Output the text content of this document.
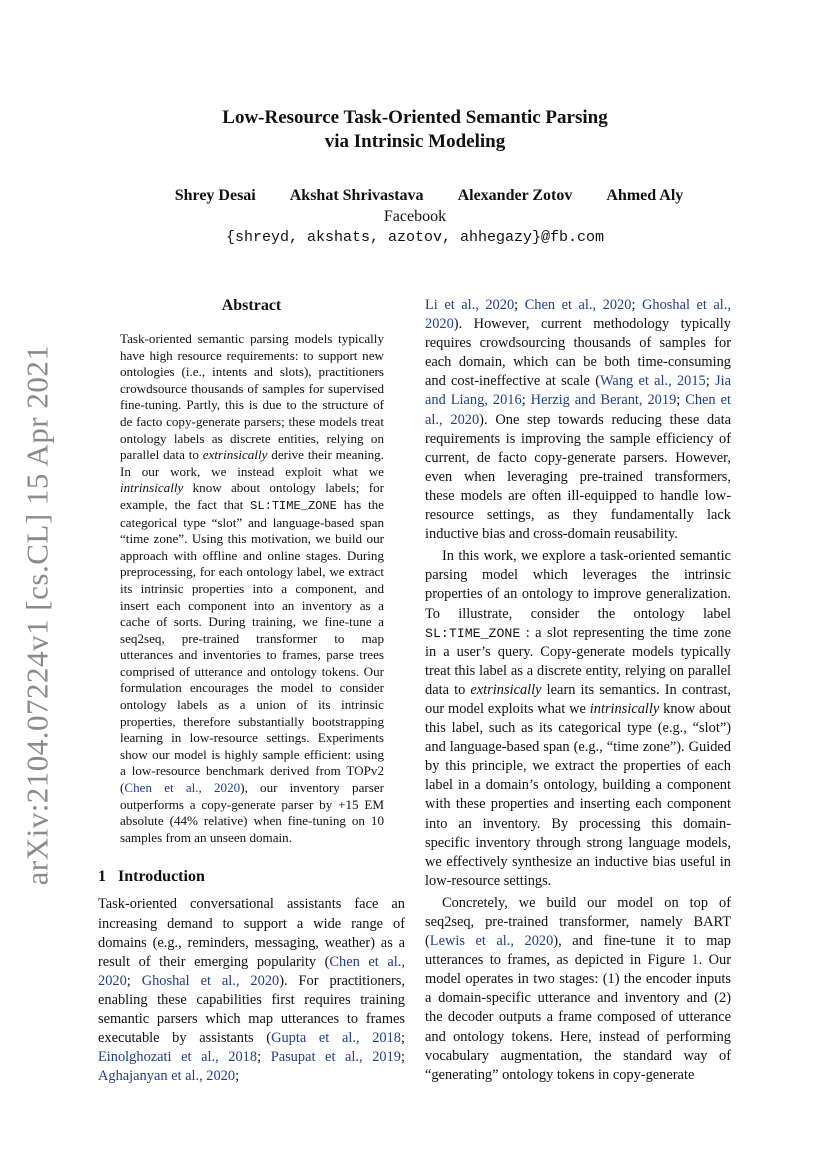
arXiv:2104.07224v1 [cs.CL] 15 Apr 2021

Low-Resource Task-Oriented Semantic Parsing
via Intrinsic Modeling

Shrey Desai Akshat Shrivastava Alexander Zotov Ahmed Aly
Facebook
{shreyd, akshats, azotov, ahhegazy}@fb.com

Abstract

Task-oriented semantic parsing models typically have high resource requirements: to support new ontologies (i.e., intents and slots), practitioners crowdsource thousands of samples for supervised fine-tuning. Partly, this is due to the structure of de facto copy-generate parsers; these models treat ontology labels as discrete entities, relying on parallel data to extrinsically derive their meaning. In our work, we instead exploit what we intrinsically know about ontology labels; for example, the fact that SL:TIME_ZONE has the categorical type “slot” and language-based span “time zone”. Using this motivation, we build our approach with offline and online stages. During preprocessing, for each ontology label, we extract its intrinsic properties into a component, and insert each component into an inventory as a cache of sorts. During training, we fine-tune a seq2seq, pre-trained transformer to map utterances and inventories to frames, parse trees comprised of utterance and ontology tokens. Our formulation encourages the model to consider ontology labels as a union of its intrinsic properties, therefore substantially bootstrapping learning in low-resource settings. Experiments show our model is highly sample efficient: using a low-resource benchmark derived from TOPv2 (Chen et al., 2020), our inventory parser outperforms a copy-generate parser by +15 EM absolute (44% relative) when fine-tuning on 10 samples from an unseen domain.

1 Introduction

Task-oriented conversational assistants face an increasing demand to support a wide range of domains (e.g., reminders, messaging, weather) as a result of their emerging popularity (Chen et al., 2020; Ghoshal et al., 2020). For practitioners, enabling these capabilities first requires training semantic parsers which map utterances to frames executable by assistants (Gupta et al., 2018; Einolghozati et al., 2018; Pasupat et al., 2019; Aghajanyan et al., 2020;

Li et al., 2020; Chen et al., 2020; Ghoshal et al., 2020). However, current methodology typically requires crowdsourcing thousands of samples for each domain, which can be both time-consuming and cost-ineffective at scale (Wang et al., 2015; Jia and Liang, 2016; Herzig and Berant, 2019; Chen et al., 2020). One step towards reducing these data requirements is improving the sample efficiency of current, de facto copy-generate parsers. However, even when leveraging pre-trained transformers, these models are often ill-equipped to handle low-resource settings, as they fundamentally lack inductive bias and cross-domain reusability.

In this work, we explore a task-oriented semantic parsing model which leverages the intrinsic properties of an ontology to improve generalization. To illustrate, consider the ontology label SL:TIME_ZONE : a slot representing the time zone in a user’s query. Copy-generate models typically treat this label as a discrete entity, relying on parallel data to extrinsically learn its semantics. In contrast, our model exploits what we intrinsically know about this label, such as its categorical type (e.g., “slot”) and language-based span (e.g., “time zone”). Guided by this principle, we extract the properties of each label in a domain’s ontology, building a component with these properties and inserting each component into an inventory. By processing this domain-specific inventory through strong language models, we effectively synthesize an inductive bias useful in low-resource settings.

Concretely, we build our model on top of seq2seq, pre-trained transformer, namely BART (Lewis et al., 2020), and fine-tune it to map utterances to frames, as depicted in Figure 1. Our model operates in two stages: (1) the encoder inputs a domain-specific utterance and inventory and (2) the decoder outputs a frame composed of utterance and ontology tokens. Here, instead of performing vocabulary augmentation, the standard way of “generating” ontology tokens in copy-generate
